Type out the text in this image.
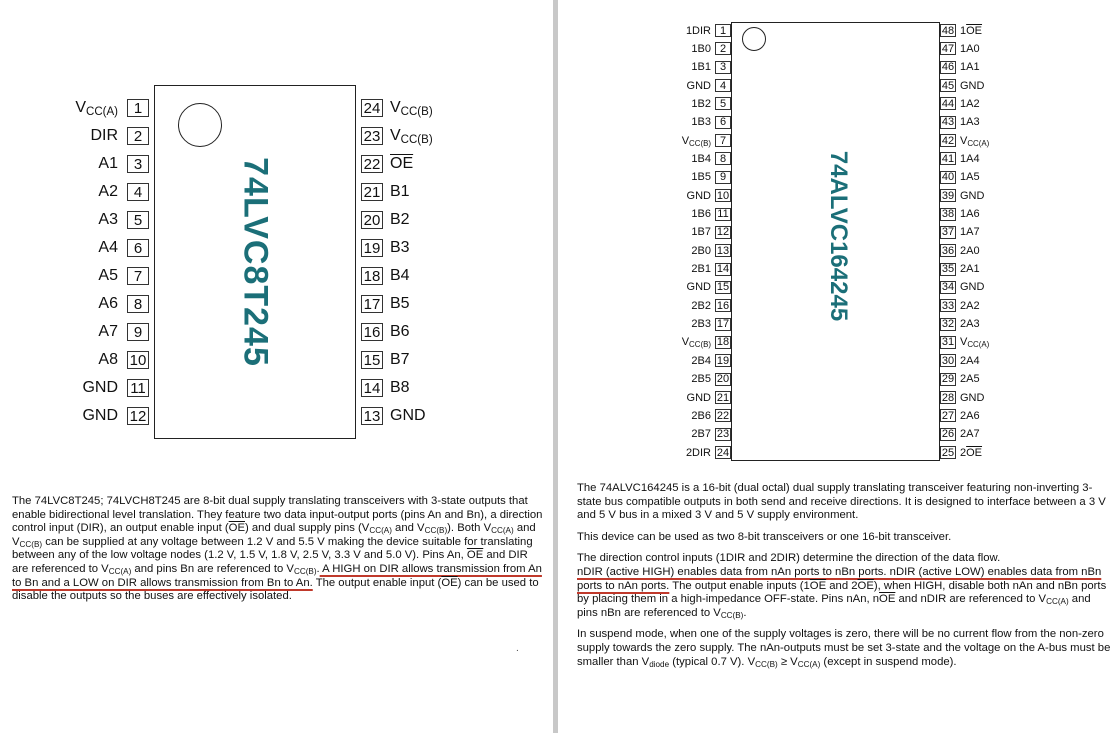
74LVC8T245
$V_{CC(A)}$	1
DIR	2
A1	3
A2	4
A3	5
A4	6
A5	7
A6	8
A7	9
A8 10
GND 11
GND 12
24 $V_{CC(B)}$
23 $V_{CC(B)}$
22 $\overline{OE}$
21 B1
20 B2
19 B3
18 B4
17 B5
16 B6
15 B7
14 B8
13 GND
74ALVC164245
1DIR 1
1B0 2
1B1 3
GND 4
1B2 5
1B3 6
$V_{CC(B)}$ 7
1B4 8
1B5 9
GND 10
1B6 11
1B7 12
2B0 13
2B1 14
GND 15
2B2 16
2B3 17
$V_{CC(B)}$ 18
2B4 19
2B5 20
GND 21
2B6 22
2B7 23
2DIR 24
48 $1\overline{OE}$
47 1A0
46 1A1
45 GND
44 1A2
43 1A3
42 $V_{CC(A)}$
41 1A4
40 1A5
39 GND
38 1A6
37 1A7
36 2A0
35 2A1
34 GND
33 2A2
32 2A3
31 $V_{CC(A)}$
30 2A4
29 2A5
28 GND
27 2A6
26 2A7
25 $2\overline{OE}$
The 74LVC8T245; 74LVCH8T245 are 8-bit dual supply translating transceivers with 3-state outputs that enable bidirectional level translation. They feature two data input-output ports (pins An and Bn), a direction control input (DIR), an output enable input $(\overline{OE})$ and dual supply pins ($V_{CC(A)}$ and $V_{CC(B)}$). Both $V_{CC(A)}$ and $V_{CC(B)}$ can be supplied at any voltage between 1.2 V and 5.5 V making the device suitable for translating between any of the low voltage nodes (1.2 V, 1.5 V, 1.8 V, 2.5 V, 3.3 V and 5.0 V). Pins An, $\overline{OE}$ and DIR are referenced to $V_{CC(A)}$ and pins Bn are referenced to $V_{CC(B)}$. A HIGH on DIR allows transmission from An to Bn and a LOW on DIR allows transmission from Bn to An. The output enable input $(\overline{OE})$ can be used to disable the outputs so the buses are effectively isolated.
.

The 74ALVC164245 is a 16-bit (dual octal) dual supply translating transceiver featuring non-inverting 3-state bus compatible outputs in both send and receive directions. It is designed to interface between a 3 V and 5 V bus in a mixed 3 V and 5 V supply environment.

This device can be used as two 8-bit transceivers or one 16-bit transceiver.

The direction control inputs (1DIR and 2DIR) determine the direction of the data flow.
nDIR (active HIGH) enables data from nAn ports to nBn ports. nDIR (active LOW) enables data from nBn ports to nAn ports. The output enable inputs ($1\overline{OE}$ and $2\overline{OE}$), when HIGH, disable both nAn and nBn ports by placing them in a high-impedance OFF-state. Pins nAn, $n\overline{OE}$ and nDIR are referenced to $V_{CC(A)}$ and pins nBn are referenced to $V_{CC(B)}$.

In suspend mode, when one of the supply voltages is zero, there will be no current flow from the non-zero supply towards the zero supply. The nAn-outputs must be set 3-state and the voltage on the A-bus must be smaller than $V_{diode}$ (typical 0.7 V). $V_{CC(B)} \ge V_{CC(A)}$ (except in suspend mode).
